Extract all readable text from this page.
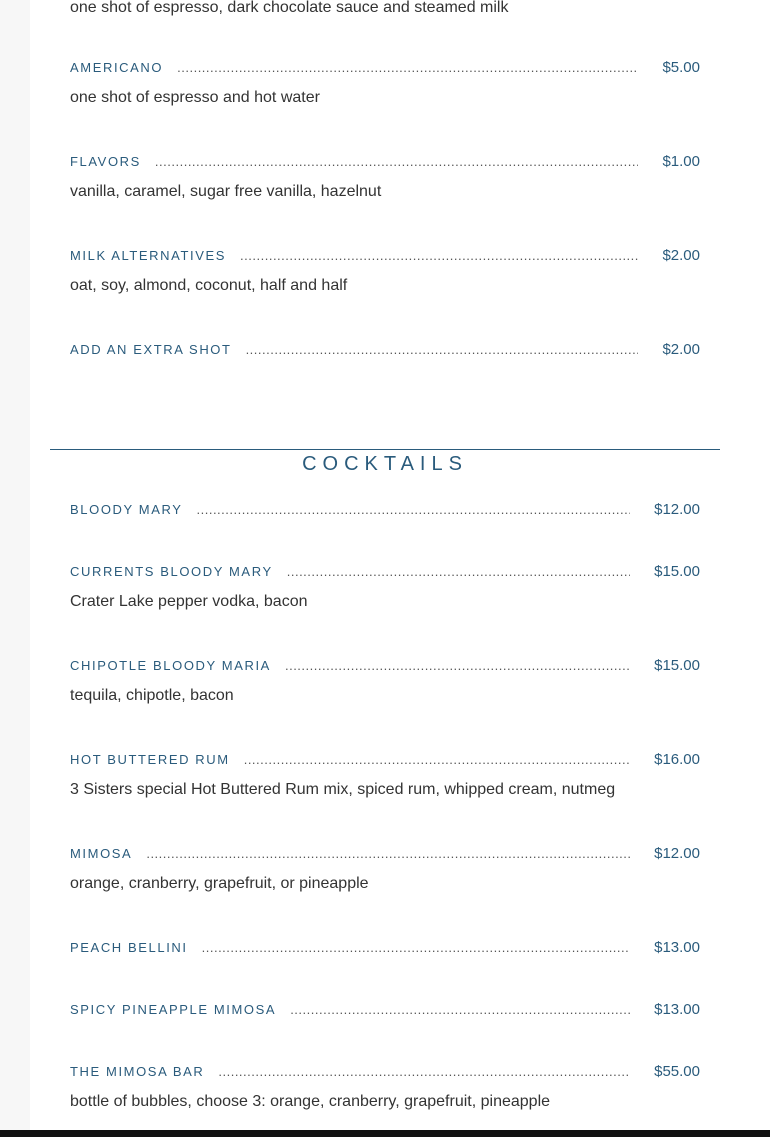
one shot of espresso, dark chocolate sauce and steamed milk
AMERICANO .....	$5.00
one shot of espresso and hot water
FLAVORS .....	$1.00
vanilla, caramel, sugar free vanilla, hazelnut
MILK ALTERNATIVES .....	$2.00
oat, soy, almond, coconut, half and half
ADD AN EXTRA SHOT .....	$2.00
COCKTAILS
BLOODY MARY .....	$12.00
CURRENTS BLOODY MARY .....	$15.00
Crater Lake pepper vodka, bacon
CHIPOTLE BLOODY MARIA .....	$15.00
tequila, chipotle, bacon
HOT BUTTERED RUM .....	$16.00
3 Sisters special Hot Buttered Rum mix, spiced rum, whipped cream, nutmeg
MIMOSA .....	$12.00
orange, cranberry, grapefruit, or pineapple
PEACH BELLINI .....	$13.00
SPICY PINEAPPLE MIMOSA .....	$13.00
THE MIMOSA BAR .....	$55.00
bottle of bubbles, choose 3: orange, cranberry, grapefruit, pineapple
